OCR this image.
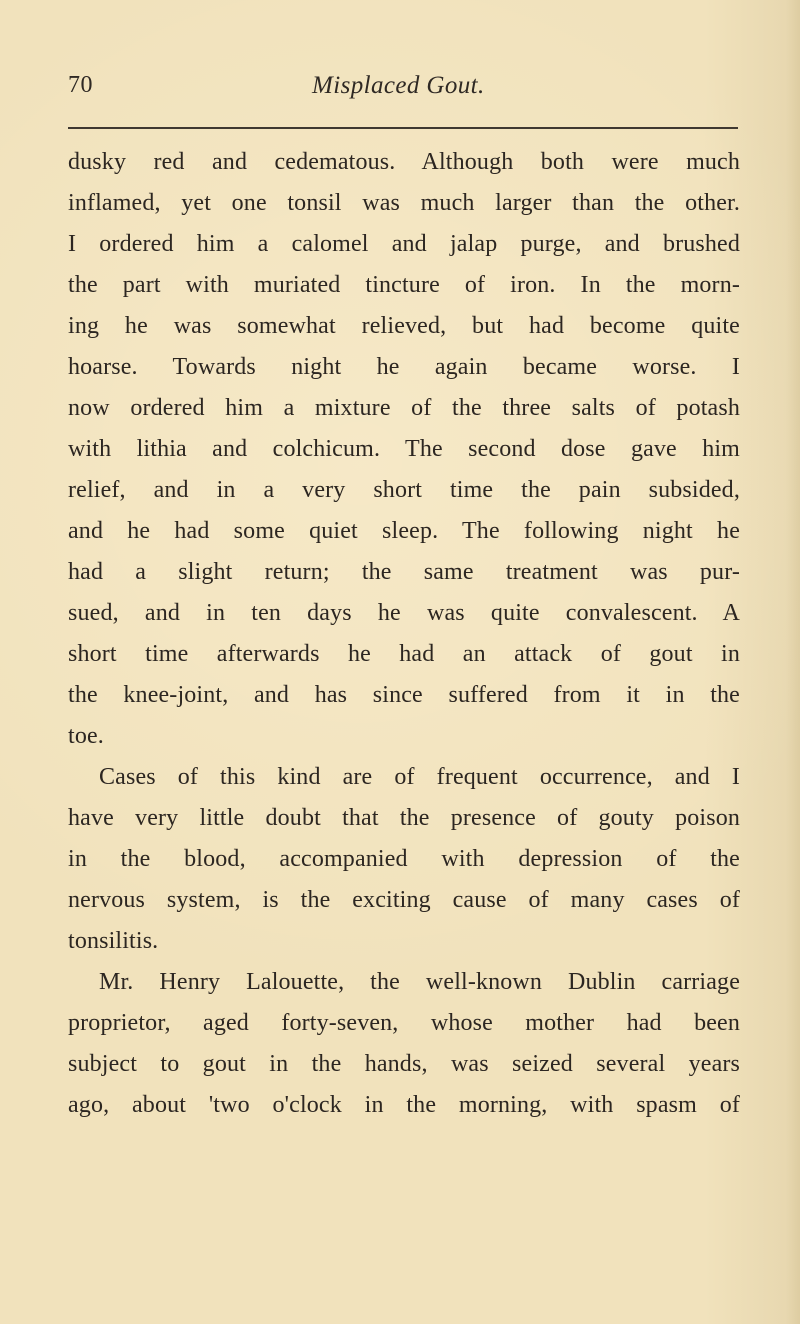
70	Misplaced Gout.
dusky red and cedematous. Although both were much
inflamed, yet one tonsil was much larger than the other.
I ordered him a calomel and jalap purge, and brushed
the part with muriated tincture of iron. In the morn-
ing he was somewhat relieved, but had become quite
hoarse. Towards night he again became worse. I
now ordered him a mixture of the three salts of potash
with lithia and colchicum. The second dose gave him
relief, and in a very short time the pain subsided,
and he had some quiet sleep. The following night he
had a slight return; the same treatment was pur-
sued, and in ten days he was quite convalescent. A
short time afterwards he had an attack of gout in
the knee-joint, and has since suffered from it in the
toe.
Cases of this kind are of frequent occurrence, and I
have very little doubt that the presence of gouty poison
in the blood, accompanied with depression of the
nervous system, is the exciting cause of many cases of
tonsilitis.
Mr. Henry Lalouette, the well-known Dublin carriage
proprietor, aged forty-seven, whose mother had been
subject to gout in the hands, was seized several years
ago, about 'two o'clock in the morning, with spasm of
